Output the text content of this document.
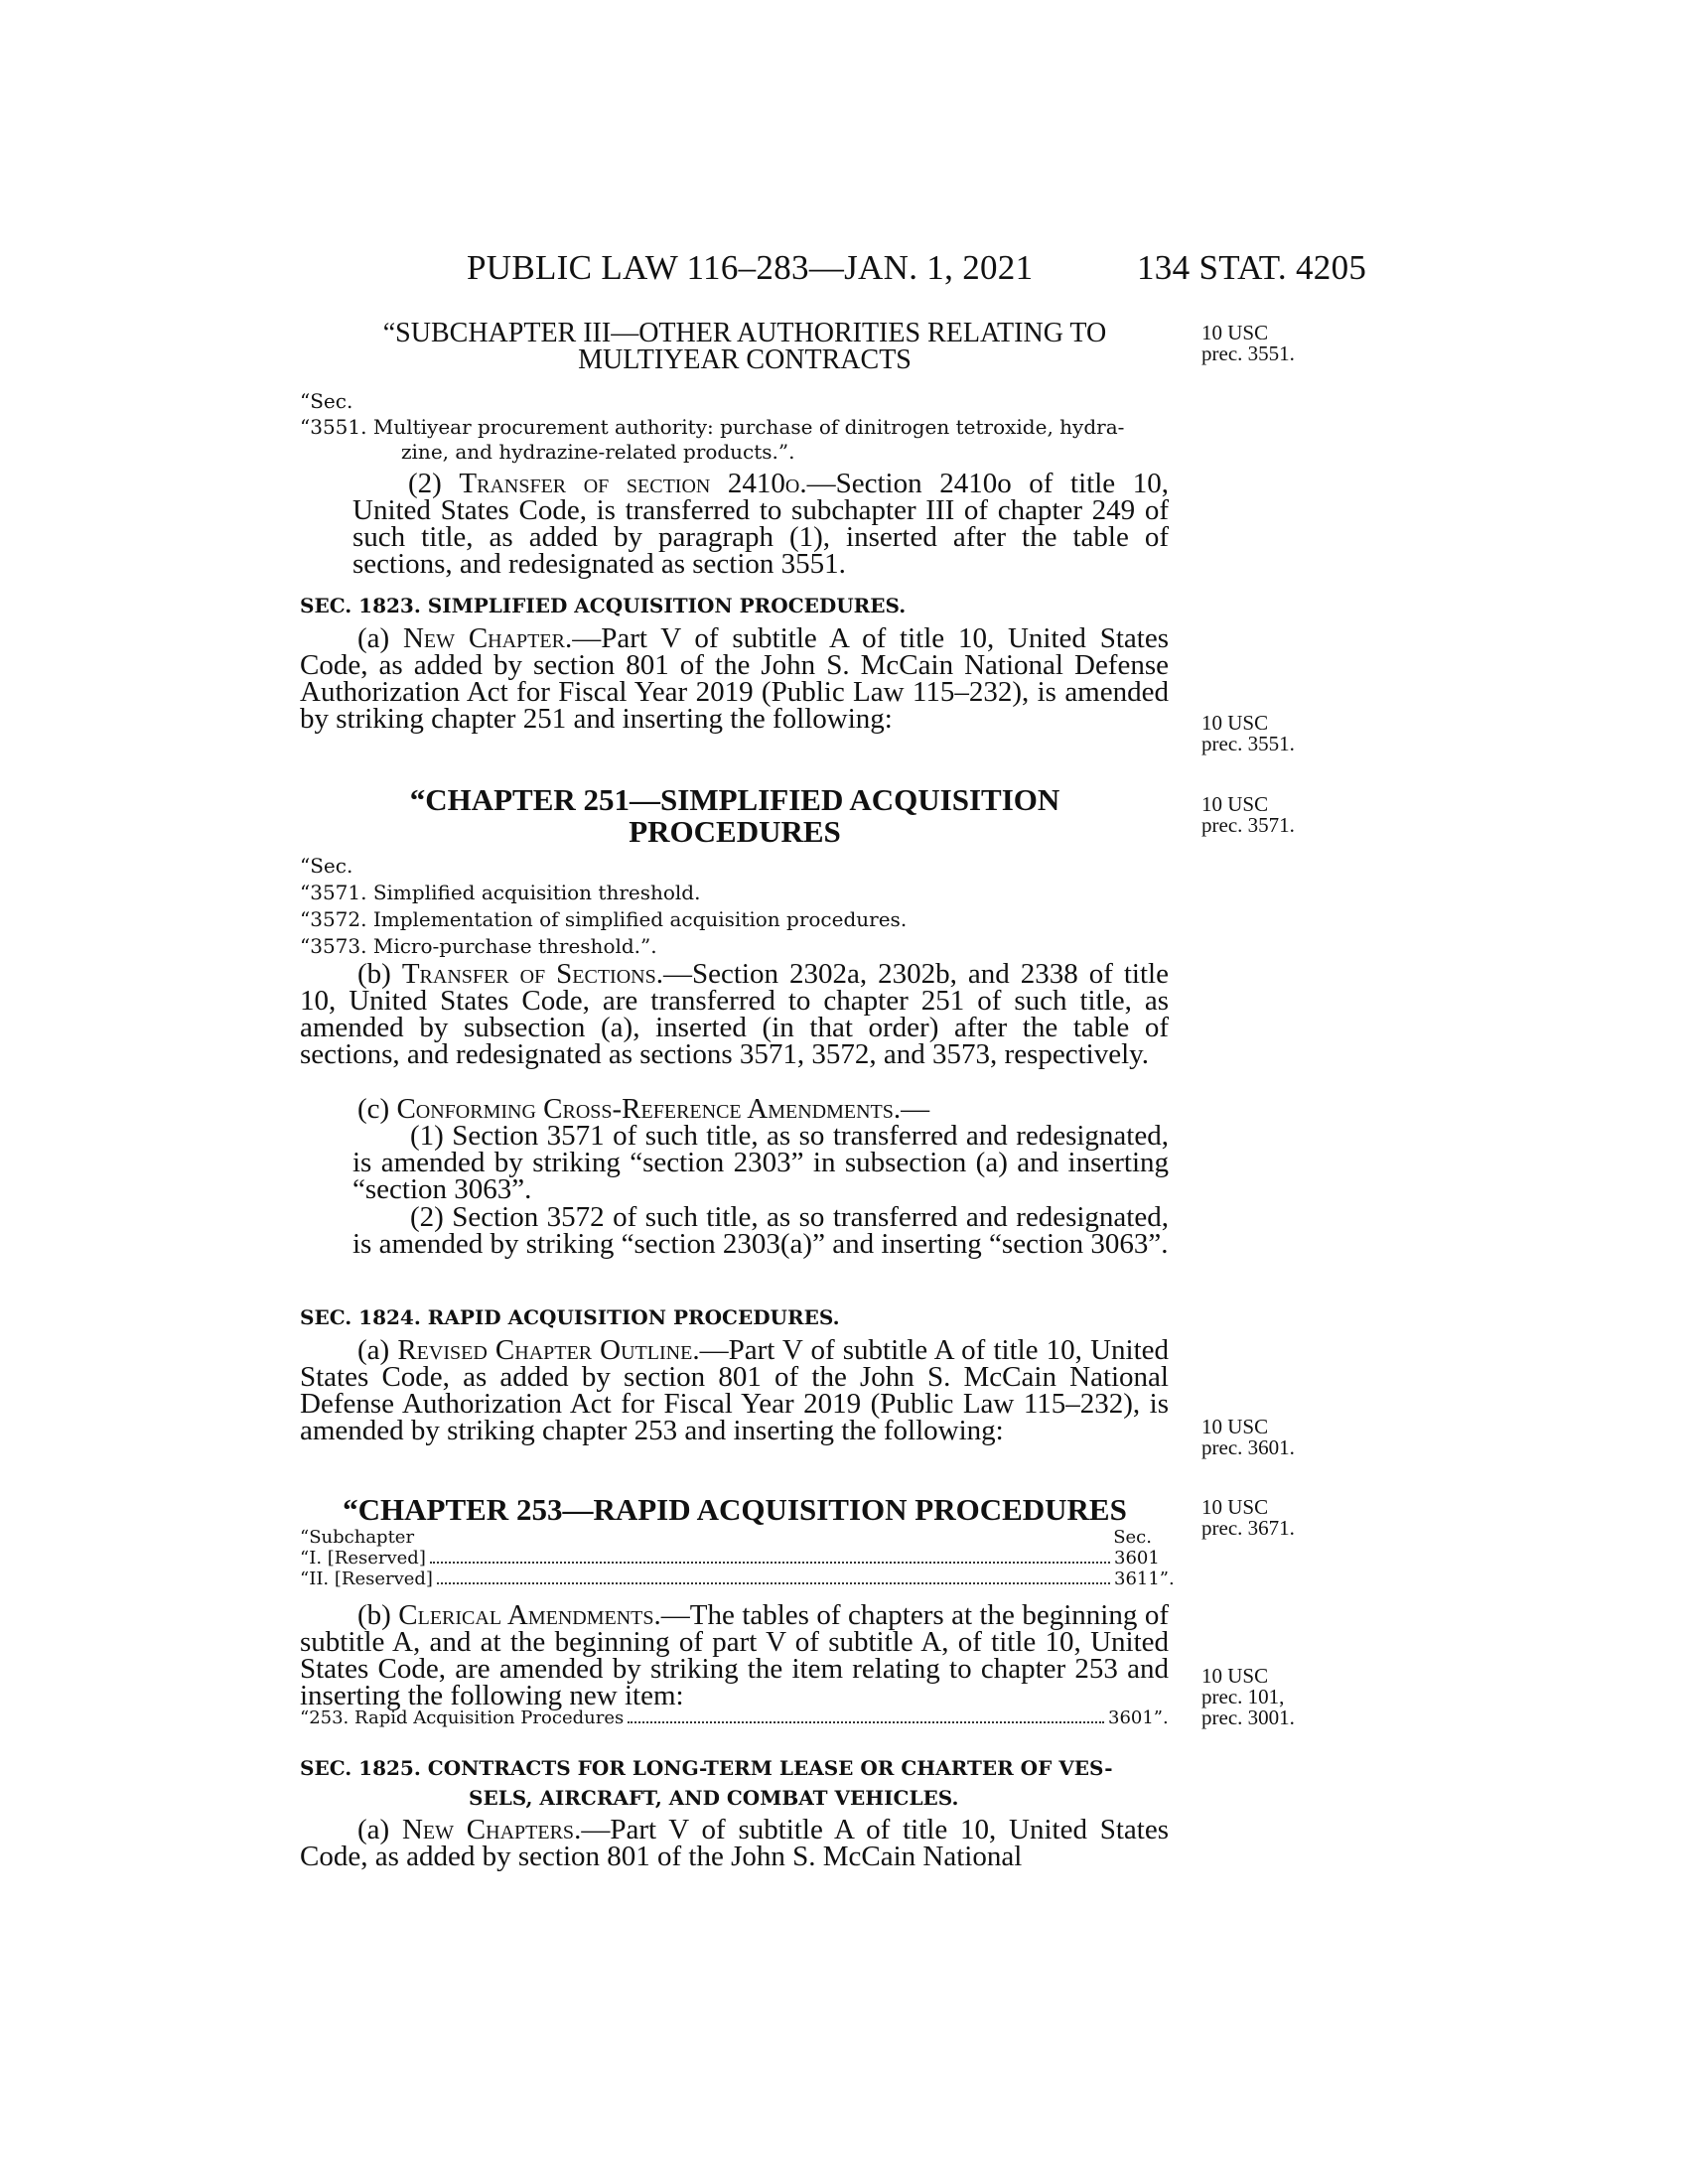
PUBLIC LAW 116–283—JAN. 1, 2021	134 STAT. 4205
10 USC
prec. 3551.
10 USC
prec. 3551.
10 USC
prec. 3571.
10 USC
prec. 3601.
10 USC
prec. 3671.
10 USC
prec. 101,
prec. 3001.
“SUBCHAPTER III—OTHER AUTHORITIES RELATING TO
MULTIYEAR CONTRACTS
“Sec.
“3551. Multiyear procurement authority: purchase of dinitrogen tetroxide, hydra-
zine, and hydrazine-related products.”.
(2) Transfer of section 2410o.—Section 2410o of title 10, United States Code, is transferred to subchapter III of chapter 249 of such title, as added by paragraph (1), inserted after the table of sections, and redesignated as section 3551.
SEC. 1823. SIMPLIFIED ACQUISITION PROCEDURES.
(a) New Chapter.—Part V of subtitle A of title 10, United States Code, as added by section 801 of the John S. McCain National Defense Authorization Act for Fiscal Year 2019 (Public Law 115–232), is amended by striking chapter 251 and inserting the following:
“CHAPTER 251—SIMPLIFIED ACQUISITION
PROCEDURES
“Sec.
“3571. Simplified acquisition threshold.
“3572. Implementation of simplified acquisition procedures.
“3573. Micro-purchase threshold.”.
(b) Transfer of Sections.—Section 2302a, 2302b, and 2338 of title 10, United States Code, are transferred to chapter 251 of such title, as amended by subsection (a), inserted (in that order) after the table of sections, and redesignated as sections 3571, 3572, and 3573, respectively.
(c) Conforming Cross-Reference Amendments.—
(1) Section 3571 of such title, as so transferred and redesignated, is amended by striking “section 2303” in subsection (a) and inserting “section 3063”.
(2) Section 3572 of such title, as so transferred and redesignated, is amended by striking “section 2303(a)” and inserting “section 3063”.
SEC. 1824. RAPID ACQUISITION PROCEDURES.
(a) Revised Chapter Outline.—Part V of subtitle A of title 10, United States Code, as added by section 801 of the John S. McCain National Defense Authorization Act for Fiscal Year 2019 (Public Law 115–232), is amended by striking chapter 253 and inserting the following:
“CHAPTER 253—RAPID ACQUISITION PROCEDURES
“Subchapter	Sec.
“I. [Reserved]	3601
“II. [Reserved]	3611”.
(b) Clerical Amendments.—The tables of chapters at the beginning of subtitle A, and at the beginning of part V of subtitle A, of title 10, United States Code, are amended by striking the item relating to chapter 253 and inserting the following new item:
“253. Rapid Acquisition Procedures	3601”.
SEC. 1825. CONTRACTS FOR LONG-TERM LEASE OR CHARTER OF VES-
SELS, AIRCRAFT, AND COMBAT VEHICLES.
(a) New Chapters.—Part V of subtitle A of title 10, United States Code, as added by section 801 of the John S. McCain National
